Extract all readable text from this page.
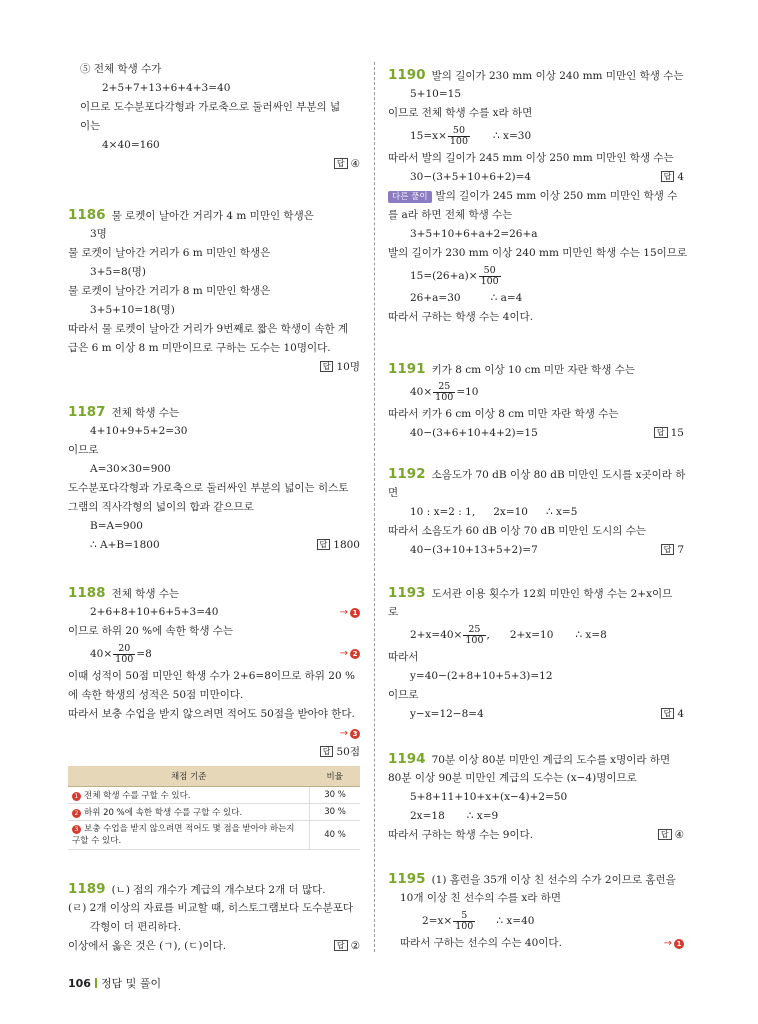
⑤ 전체 학생 수가
2+5+7+13+6+4+3=40
이므로 도수분포다각형과 가로축으로 둘러싸인 부분의 넓
이는
4×40=160
답 ④
1186 물 로켓이 날아간 거리가 4 m 미만인 학생은
3명
물 로켓이 날아간 거리가 6 m 미만인 학생은
3+5=8(명)
물 로켓이 날아간 거리가 8 m 미만인 학생은
3+5+10=18(명)
따라서 물 로켓이 날아간 거리가 9번째로 짧은 학생이 속한 계
급은 6 m 이상 8 m 미만이므로 구하는 도수는 10명이다.
답 10명
1187 전체 학생 수는
4+10+9+5+2=30
이므로
A=30×30=900
도수분포다각형과 가로축으로 둘러싸인 부분의 넓이는 히스토
그램의 직사각형의 넓이의 합과 같으므로
B=A=900
∴ A+B=1800	답 1800
1188 전체 학생 수는
2+6+8+10+6+5+3=40	→ 1
이므로 하위 20 %에 속한 학생 수는
$40\times \frac{20}{100} =8$	→ 2
이때 성적이 50점 미만인 학생 수가 2+6=8이므로 하위 20 %
에 속한 학생의 성적은 50점 미만이다.
따라서 보충 수업을 받지 않으려면 적어도 50점을 받아야 한다.
→ 3
답 50점
채점 기준	비율
1 전체 학생 수를 구할 수 있다.	30 %
2 하위 20 %에 속한 학생 수를 구할 수 있다.	30 %
3 보충 수업을 받지 않으려면 적어도 몇 점을 받아야 하는지 구할 수 있다.	40 %
1189 (ㄴ) 점의 개수가 계급의 개수보다 2개 더 많다.
(ㄹ) 2개 이상의 자료를 비교할 때, 히스토그램보다 도수분포다
각형이 더 편리하다.
이상에서 옳은 것은 (ㄱ), (ㄷ)이다.	답 ②
1190 발의 길이가 230 mm 이상 240 mm 미만인 학생 수는
5+10=15
이므로 전체 학생 수를 x라 하면
$15=x\times \frac{50}{100}$ ∴ x=30
따라서 발의 길이가 245 mm 이상 250 mm 미만인 학생 수는
30−(3+5+10+6+2)=4	답 4
다른 풀이 발의 길이가 245 mm 이상 250 mm 미만인 학생 수
를 a라 하면 전체 학생 수는
3+5+10+6+a+2=26+a
발의 길이가 230 mm 이상 240 mm 미만인 학생 수는 15이므로
$15=(26+a)\times \frac{50}{100}$
26+a=30	∴ a=4
따라서 구하는 학생 수는 4이다.
1191 키가 8 cm 이상 10 cm 미만 자란 학생 수는
$40\times \frac{25}{100} =10$
따라서 키가 6 cm 이상 8 cm 미만 자란 학생 수는
40−(3+6+10+4+2)=15	답 15
1192 소음도가 70 dB 이상 80 dB 미만인 도시를 x곳이라 하
면
10 : x=2 : 1, 2x=10 ∴ x=5
따라서 소음도가 60 dB 이상 70 dB 미만인 도시의 수는
40−(3+10+13+5+2)=7	답 7
1193 도서관 이용 횟수가 12회 미만인 학생 수는 2+x이므
로
$2+x=40\times \frac{25}{100}$ , 2+x=10 ∴ x=8
따라서
y=40−(2+8+10+5+3)=12
이므로
y−x=12−8=4	답 4
1194 70분 이상 80분 미만인 계급의 도수를 x명이라 하면
80분 이상 90분 미만인 계급의 도수는 (x−4)명이므로
5+8+11+10+x+(x−4)+2=50
2x=18 ∴ x=9
따라서 구하는 학생 수는 9이다.	답 ④
1195 (1) 홈런을 35개 이상 친 선수의 수가 2이므로 홈런을
10개 이상 친 선수의 수를 x라 하면
$2=x\times \frac{5}{100}$ ∴ x=40
따라서 구하는 선수의 수는 40이다.	→ 1
106 정답 및 풀이
